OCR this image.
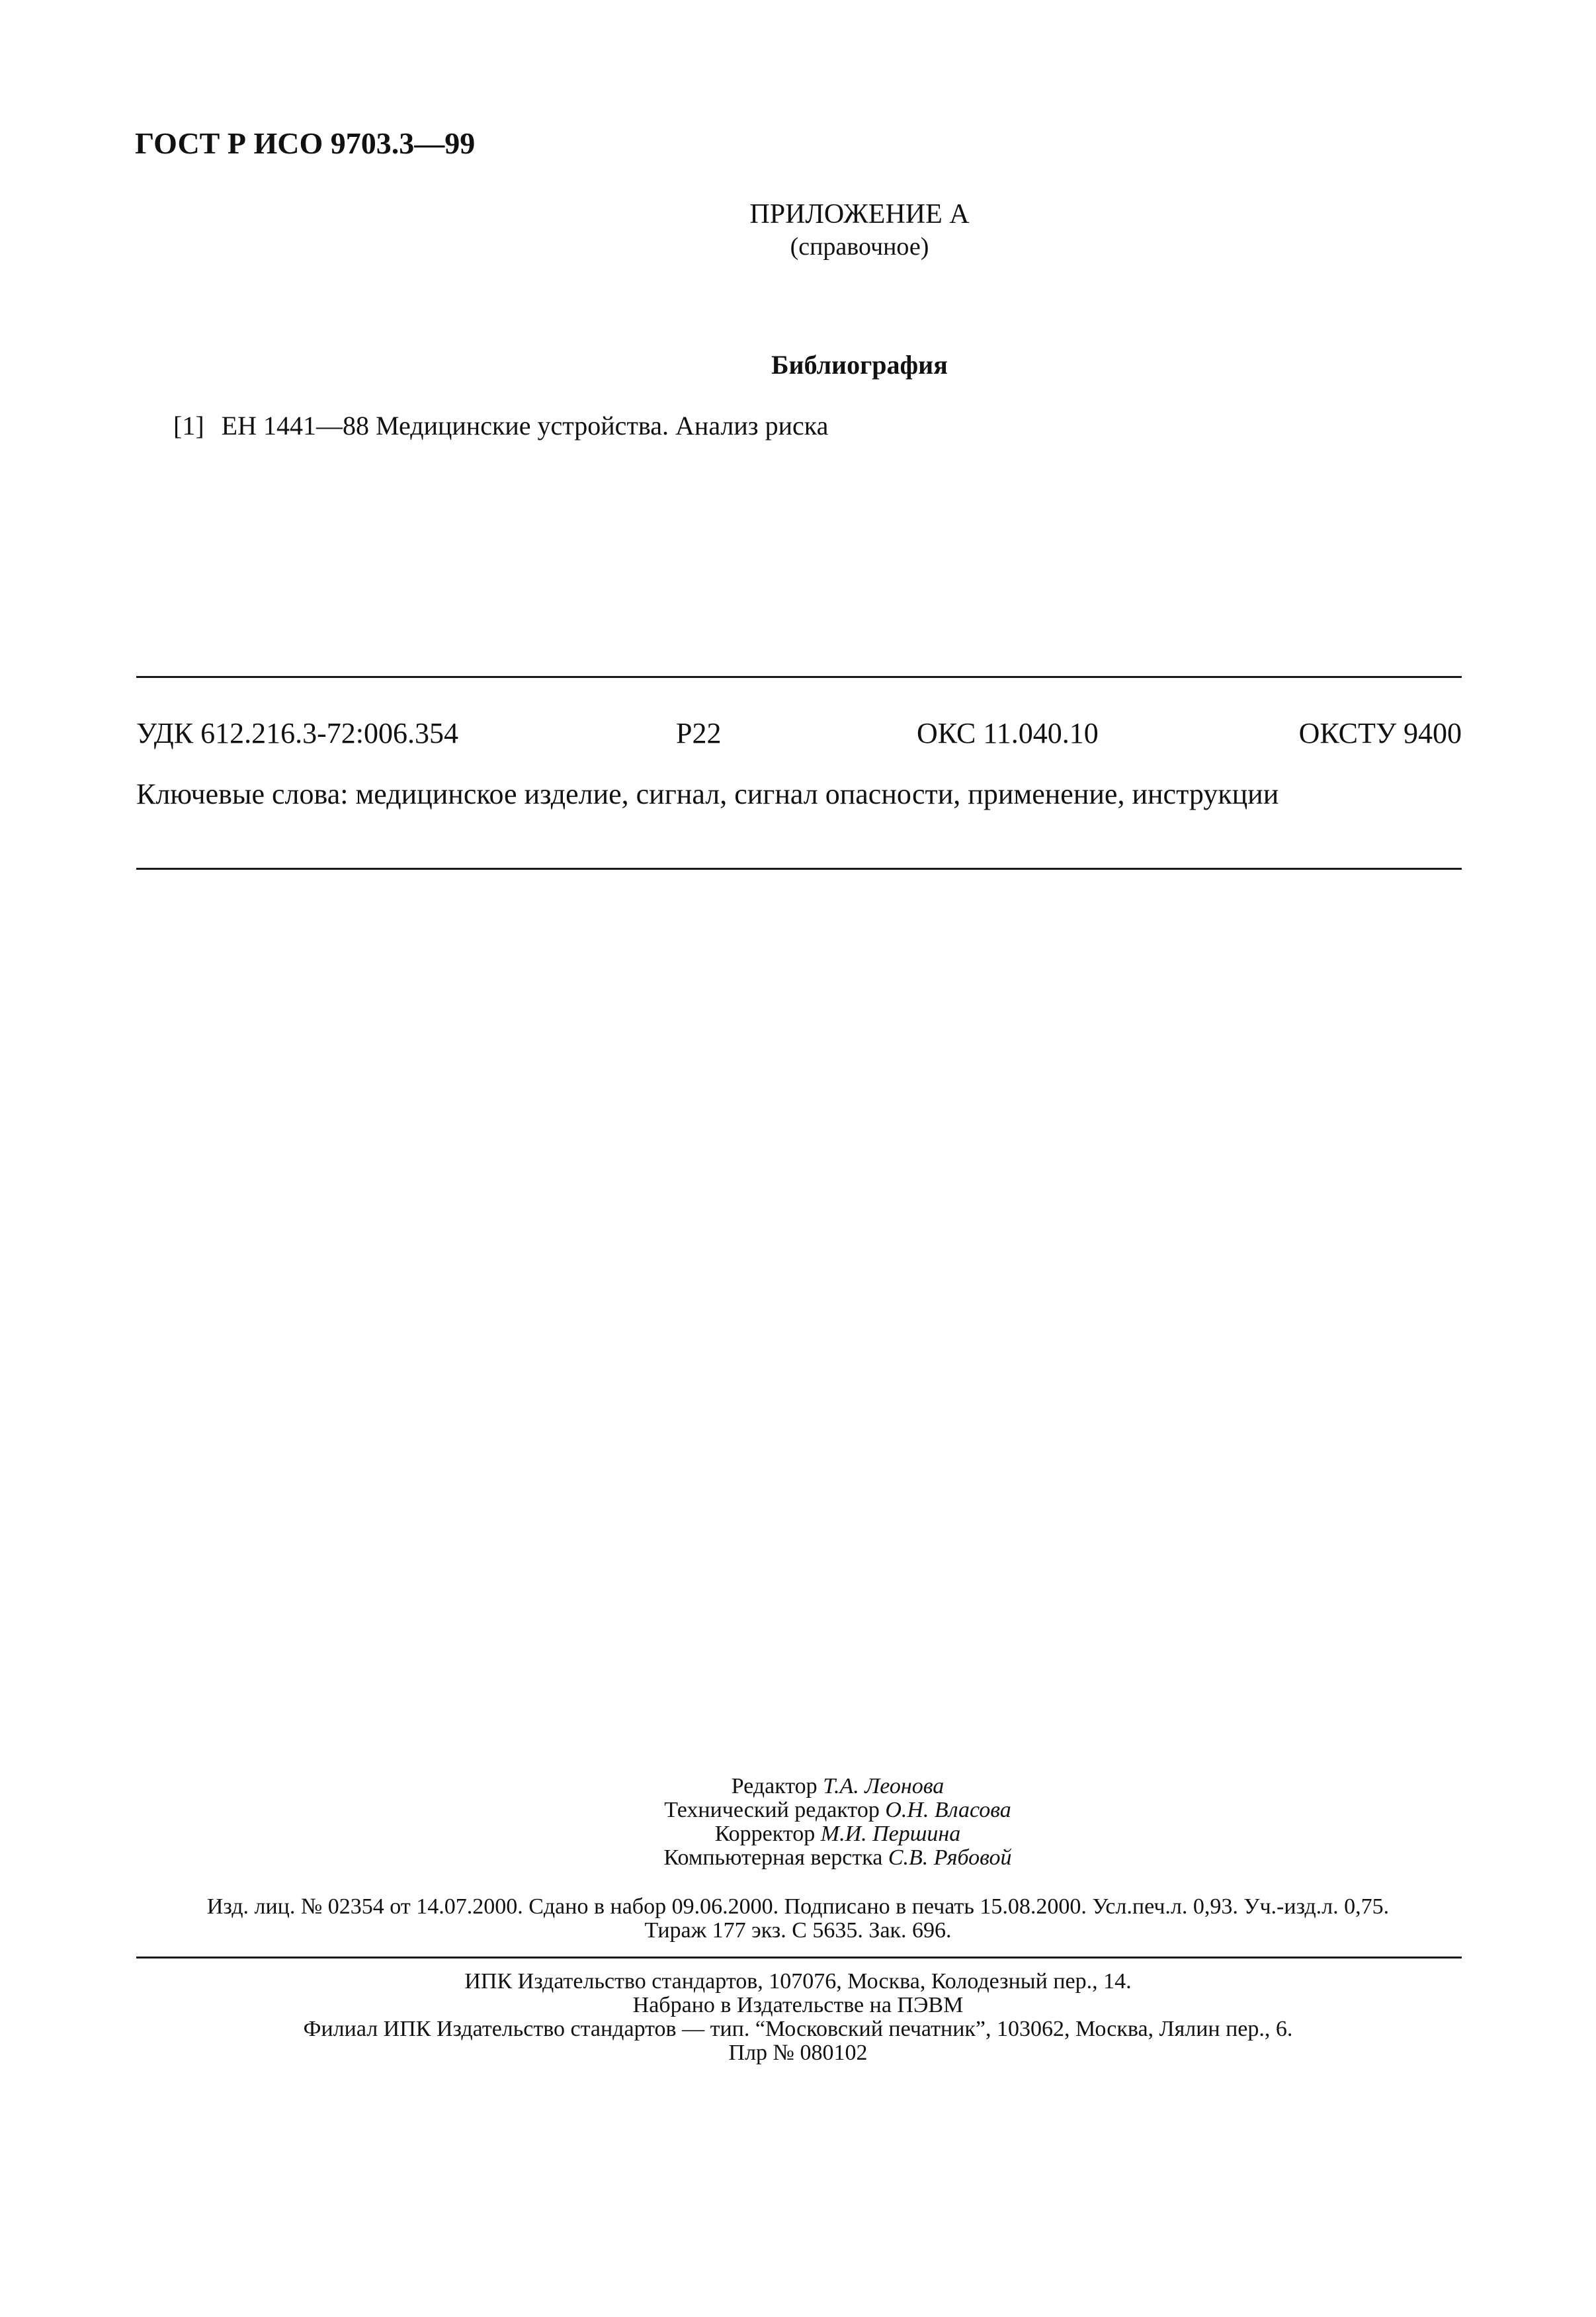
ГОСТ Р ИСО 9703.3—99
ПРИЛОЖЕНИЕ А
(справочное)
Библиография
[1] ЕН 1441—88 Медицинские устройства. Анализ риска
УДК 612.216.3-72:006.354	Р22	ОКС 11.040.10	ОКСТУ 9400
Ключевые слова: медицинское изделие, сигнал, сигнал опасности, применение, инструкции
Редактор Т.А. Леонова
Технический редактор О.Н. Власова
Корректор М.И. Першина
Компьютерная верстка С.В. Рябовой
Изд. лиц. № 02354 от 14.07.2000. Сдано в набор 09.06.2000. Подписано в печать 15.08.2000. Усл.печ.л. 0,93. Уч.-изд.л. 0,75.
Тираж 177 экз. С 5635. Зак. 696.
ИПК Издательство стандартов, 107076, Москва, Колодезный пер., 14.
Набрано в Издательстве на ПЭВМ
Филиал ИПК Издательство стандартов — тип. “Московский печатник”, 103062, Москва, Лялин пер., 6.
Плр № 080102
